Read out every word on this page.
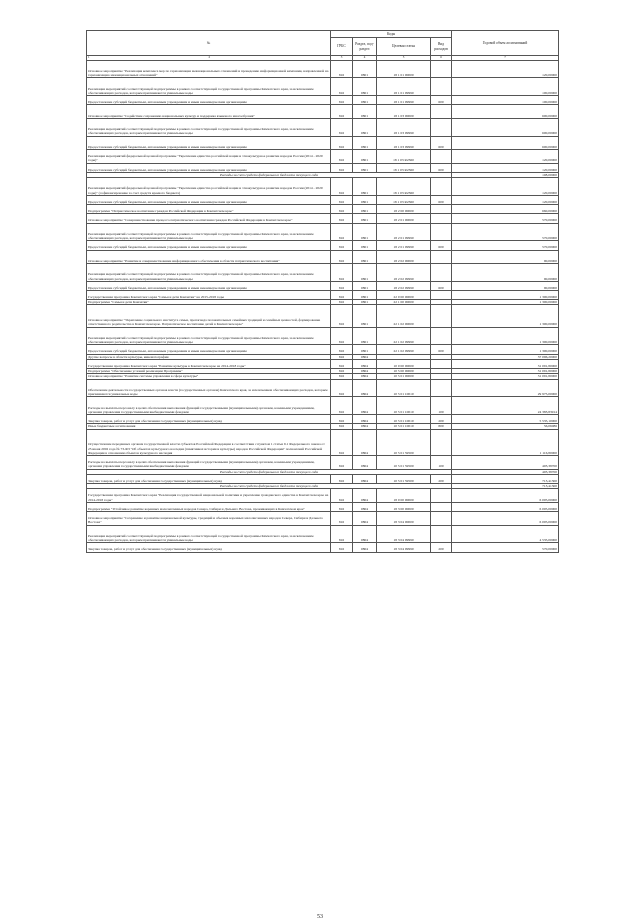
№	Коды				Годовой объем ассигнований
	ГРБС	Раздел, под-раздел	Целевая статья	Вид расходов	

1 2	3	4	5	6	7
Основное мероприятие "Реализация комплекса мер по гармонизации межнациональных отношений и проведению информационной кампании, направленной на гармонизацию межнациональных отношений"	816	0801	18 1 01 00000		120,00000
Реализация мероприятий соответствующей подпрограммы в рамках соответствующей государственной программы Камчатского края, за исключением обеспечивающих расходов, которым присваиваются уникальные коды	816	0801	18 1 01 09990		100,00000
Предоставление субсидий бюджетным, автономным учреждениям и иным некоммерческим организациям	816	0801	18 1 01 09990	600	100,00000
Основное мероприятие "Содействие сохранению национальных культур и поддержка языкового многообразия"	816	0801	18 1 03 00000		600,00000
Реализация мероприятий соответствующей подпрограммы в рамках соответствующей государственной программы Камчатского края, за исключением обеспечивающих расходов, которым присваиваются уникальные коды	816	0801	18 1 03 09990		600,00000
Предоставление субсидий бюджетным, автономным учреждениям и иным некоммерческим организациям	816	0801	18 1 03 09990	600	600,00000
Реализация мероприятий федеральной целевой программы "Укрепление единства российской нации и этнокультурное развитие народов России (2014 - 2020 годы)"	816	0801	18 1 03 R2360		120,00000
Предоставление субсидий бюджетным, автономным учреждениям и иным некоммерческим организациям	816	0801	18 1 03 R2360	600	120,00000
Расходы за счет средств федерального бюджета текущего года					108,00000
Реализация мероприятий федеральной целевой программы "Укрепление единства российской нации и этнокультурное развитие народов России (2014 - 2020 годы)" (софинансирование за счет средств краевого бюджета)	816	0801	18 1 03 R2360		120,00000
Предоставление субсидий бюджетным, автономным учреждениям и иным некоммерческим организациям	816	0801	18 1 03 R2360	600	120,00000
Подпрограмма "Патриотическое воспитание граждан Российской Федерации в Камчатском крае"	816	0801	18 2 00 00000		660,00000
Основное мероприятие "Совершенствование процесса патриотического воспитания граждан Российской Федерации в Камчатском крае"	816	0801	18 2 01 00000		570,00000
Реализация мероприятий соответствующей подпрограммы в рамках соответствующей государственной программы Камчатского края, за исключением обеспечивающих расходов, которым присваиваются уникальные коды	816	0801	18 2 01 09990		570,00000
Предоставление субсидий бюджетным, автономным учреждениям и иным некоммерческим организациям	816	0801	18 2 01 09990	600	570,00000
Основное мероприятие "Развитие и совершенствование информационного обеспечения в области патриотического воспитания"	816	0801	18 2 02 00000		90,00000
Реализация мероприятий соответствующей подпрограммы в рамках соответствующей государственной программы Камчатского края, за исключением обеспечивающих расходов, которым присваиваются уникальные коды	816	0801	18 2 02 09990		90,00000
Предоставление субсидий бюджетным, автономным учреждениям и иным некоммерческим организациям	816	0801	18 2 02 09990	600	90,00000
Государственная программа Камчатского края "Семья и дети Камчатки" на 2015-2018 годы	816	0801	22 0 00 00000		1 300,00000
Подпрограмма "Семья и дети Камчатки"	816	0801	22 1 00 00000		1 300,00000
Основное мероприятие "Укрепление социального института семьи, пропаганда положительных семейных традиций и семейных ценностей, формирование ответственного родительства в Камчатском крае. Патриотическое воспитание детей в Камчатском крае"	816	0801	22 1 02 00000		1 300,00000
Реализация мероприятий соответствующей подпрограммы в рамках соответствующей государственной программы Камчатского края, за исключением обеспечивающих расходов, которым присваиваются уникальные коды	816	0801	22 1 02 09990		1 300,00000
Предоставление субсидий бюджетным, автономным учреждениям и иным некоммерческим организациям	816	0801	22 1 02 09990	600	1 300,00000
Другие вопросы в области культуры, кинематографии	816	0804			37 096,20000
Государственная программа Камчатского края "Развитие культуры в Камчатском крае на 2014-2018 годы"	816	0804	10 0 00 00000		31 091,80000
Подпрограмма "Обеспечение условий реализации Программы"	816	0804	10 5 00 00000		31 091,80000
Основное мероприятие "Развитие системы управления в сфере культуры"	816	0804	10 5 01 00000		31 091,80000
Обеспечение деятельности государственных органов власти (государственных органов) Камчатского края, за исключением обеспечивающих расходов, которым присваиваются уникальные коды	816	0804	10 5 01 10010		29 975,00000
Расходы на выплаты персоналу в целях обеспечения выполнения функций государственными (муниципальными) органами, казенными учреждениями, органами управления государственными внебюджетными фондами	816	0804	10 5 01 10010	100	24 383,83914
Закупка товаров, работ и услуг для обеспечения государственных (муниципальных) нужд	816	0804	10 5 01 10010	200	5 535,10000
Иные бюджетные ассигнования	816	0804	10 5 01 10010	800	56,06086
Осуществление переданных органам государственной власти субъектов Российской Федерации в соответствии с пунктом 1 статьи 9.1 Федерального закона от 25 июня 2002 года № 73-ФЗ "Об объектах культурного наследия (памятниках истории и культуры) народов Российской Федерации" полномочий Российской Федерации в отношении объектов культурного наследия	816	0804	10 5 01 59500		1 116,80000
Расходы на выплаты персоналу в целях обеспечения выполнения функций государственными (муниципальными) органами, казенными учреждениями, органами управления государственными внебюджетными фондами	816	0804	10 5 01 59500	100	403,38700
Расходы за счет средств федерального бюджета текущего года					403,38700
Закупка товаров, работ и услуг для обеспечения государственных (муниципальных) нужд	816	0804	10 5 01 59500	200	713,41300
Расходы за счет средств федерального бюджета текущего года					713,41300
Государственная программа Камчатского края "Реализация государственной национальной политики и укрепление гражданского единства в Камчатском крае на 2014-2018 годы"	816	0804	18 0 00 00000		6 005,00000
Подпрограмма "Устойчивое развитие коренных малочисленных народов Севера, Сибири и Дальнего Востока, проживающих в Камчатском крае"	816	0804	18 3 00 00000		6 005,00000
Основное мероприятие "Сохранение и развитие национальной культуры, традиций и обычаев коренных малочисленных народов Севера, Сибири и Дальнего Востока"	816	0804	18 3 04 00000		6 005,00000
Реализация мероприятий соответствующей подпрограммы в рамках соответствующей государственной программы Камчатского края, за исключением обеспечивающих расходов, которым присваиваются уникальные коды	816	0804	18 3 04 09990		4 535,00000
Закупка товаров, работ и услуг для обеспечения государственных (муниципальных) нужд	816	0804	18 3 04 09990	200	570,00000
53
